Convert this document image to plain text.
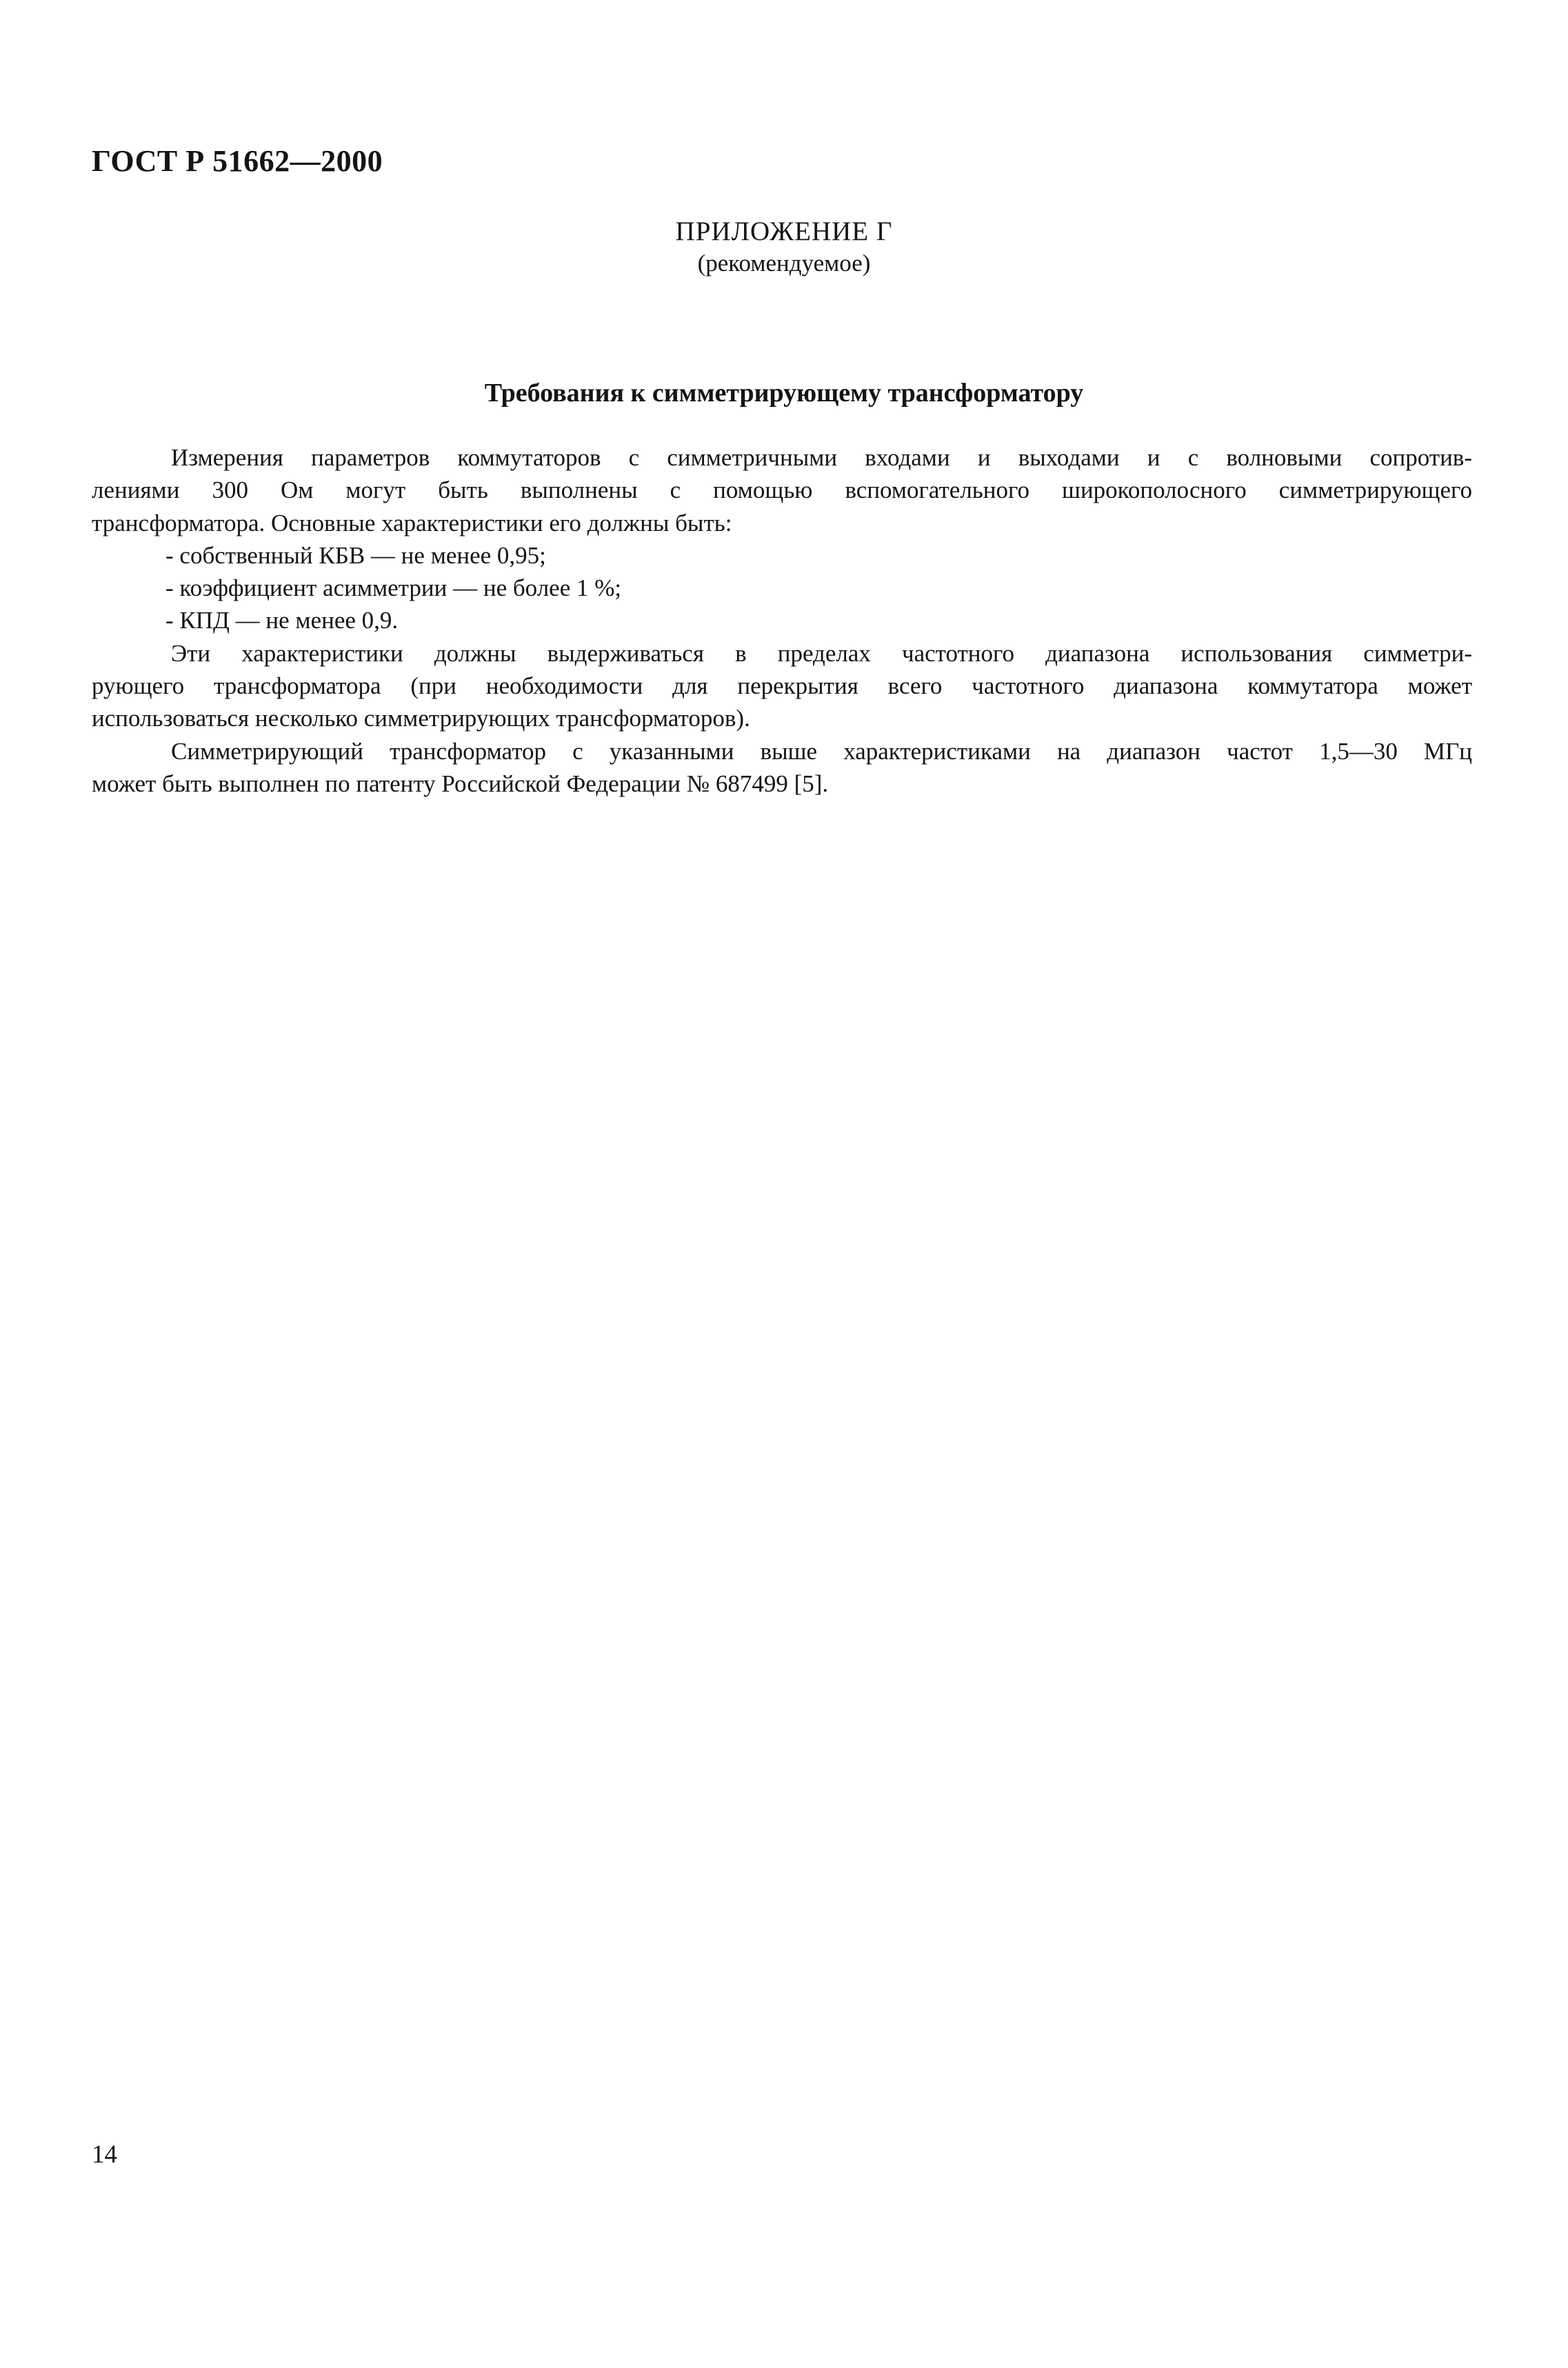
ГОСТ Р 51662—2000
ПРИЛОЖЕНИЕ Г
(рекомендуемое)
Требования к симметрирующему трансформатору
Измерения параметров коммутаторов с симметричными входами и выходами и с волновыми сопротив-
лениями 300 Ом могут быть выполнены с помощью вспомогательного широкополосного симметрирующего
трансформатора. Основные характеристики его должны быть:
- собственный КБВ — не менее 0,95;
- коэффициент асимметрии — не более 1 %;
- КПД — не менее 0,9.
Эти характеристики должны выдерживаться в пределах частотного диапазона использования симметри-
рующего трансформатора (при необходимости для перекрытия всего частотного диапазона коммутатора может
использоваться несколько симметрирующих трансформаторов).
Симметрирующий трансформатор с указанными выше характеристиками на диапазон частот 1,5—30 МГц
может быть выполнен по патенту Российской Федерации № 687499 [5].
14
